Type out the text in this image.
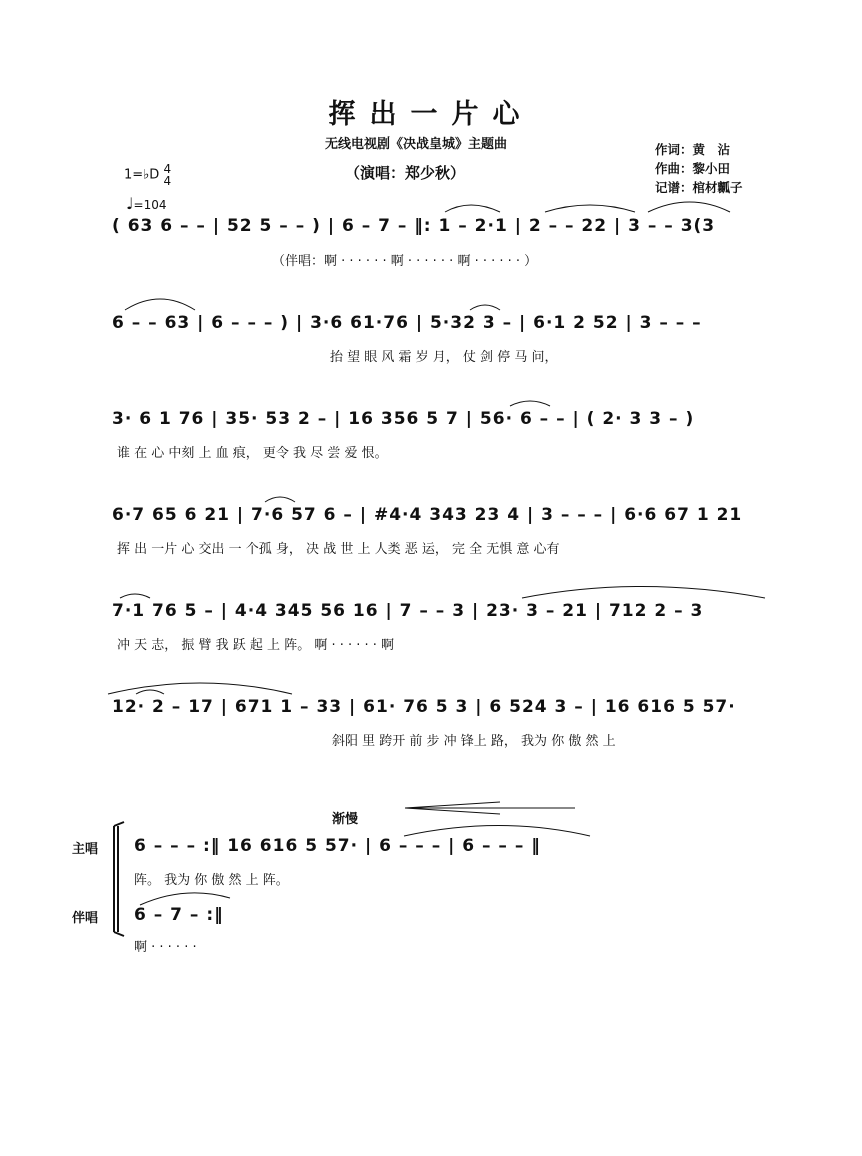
挥出一片心
无线电视剧《决战皇城》主题曲
（演唱：郑少秋）
作词：黄　沾
作曲：黎小田
记谱：棺材瓤子
1=♭D 4
4
♩=104
( 63 6 – – | 52 5 – – ) | 6 – 7 – ‖: 1 – 2·1 | 2 – – 22 | 3 – – 3(3
（伴唱：啊 · · · · · · 啊 · · · · · · 啊 · · · · · · ）
6 – – 63 | 6 – – – ) | 3·6 61·76 | 5·32 3 – | 6·1 2 52 | 3 – – –
抬 望 眼 风 霜 岁 月， 仗 剑 停 马 问，
3· 6 1 76 | 35· 53 2 – | 16 356 5 7 | 56· 6 – – | ( 2· 3 3 – )
谁 在 心 中刻 上 血 痕， 更令 我 尽 尝 爱 恨。
6·7 65 6 21 | 7·6 57 6 – | #4·4 343 23 4 | 3 – – – | 6·6 67 1 21
挥 出 一片 心 交出 一 个孤 身， 决 战 世 上 人类 恶 运， 完 全 无惧 意 心有
7·1 76 5 – | 4·4 345 56 16 | 7 – – 3 | 23· 3 – 21 | 712 2 – 3
冲 天 志， 振 臂 我 跃 起 上 阵。 啊 · · · · · · 啊
12· 2 – 17 | 671 1 – 33 | 61· 76 5 3 | 6 524 3 – | 16 616 5 57·
斜阳 里 跨开 前 步 冲 锋上 路， 我为 你 傲 然 上
渐慢
主唱
伴唱
6 – – – :‖ 16 616 5 57· | 6 – – – | 6 – – – ‖
阵。 我为 你 傲 然 上 阵。
6 – 7 – :‖
啊 · · · · · ·
